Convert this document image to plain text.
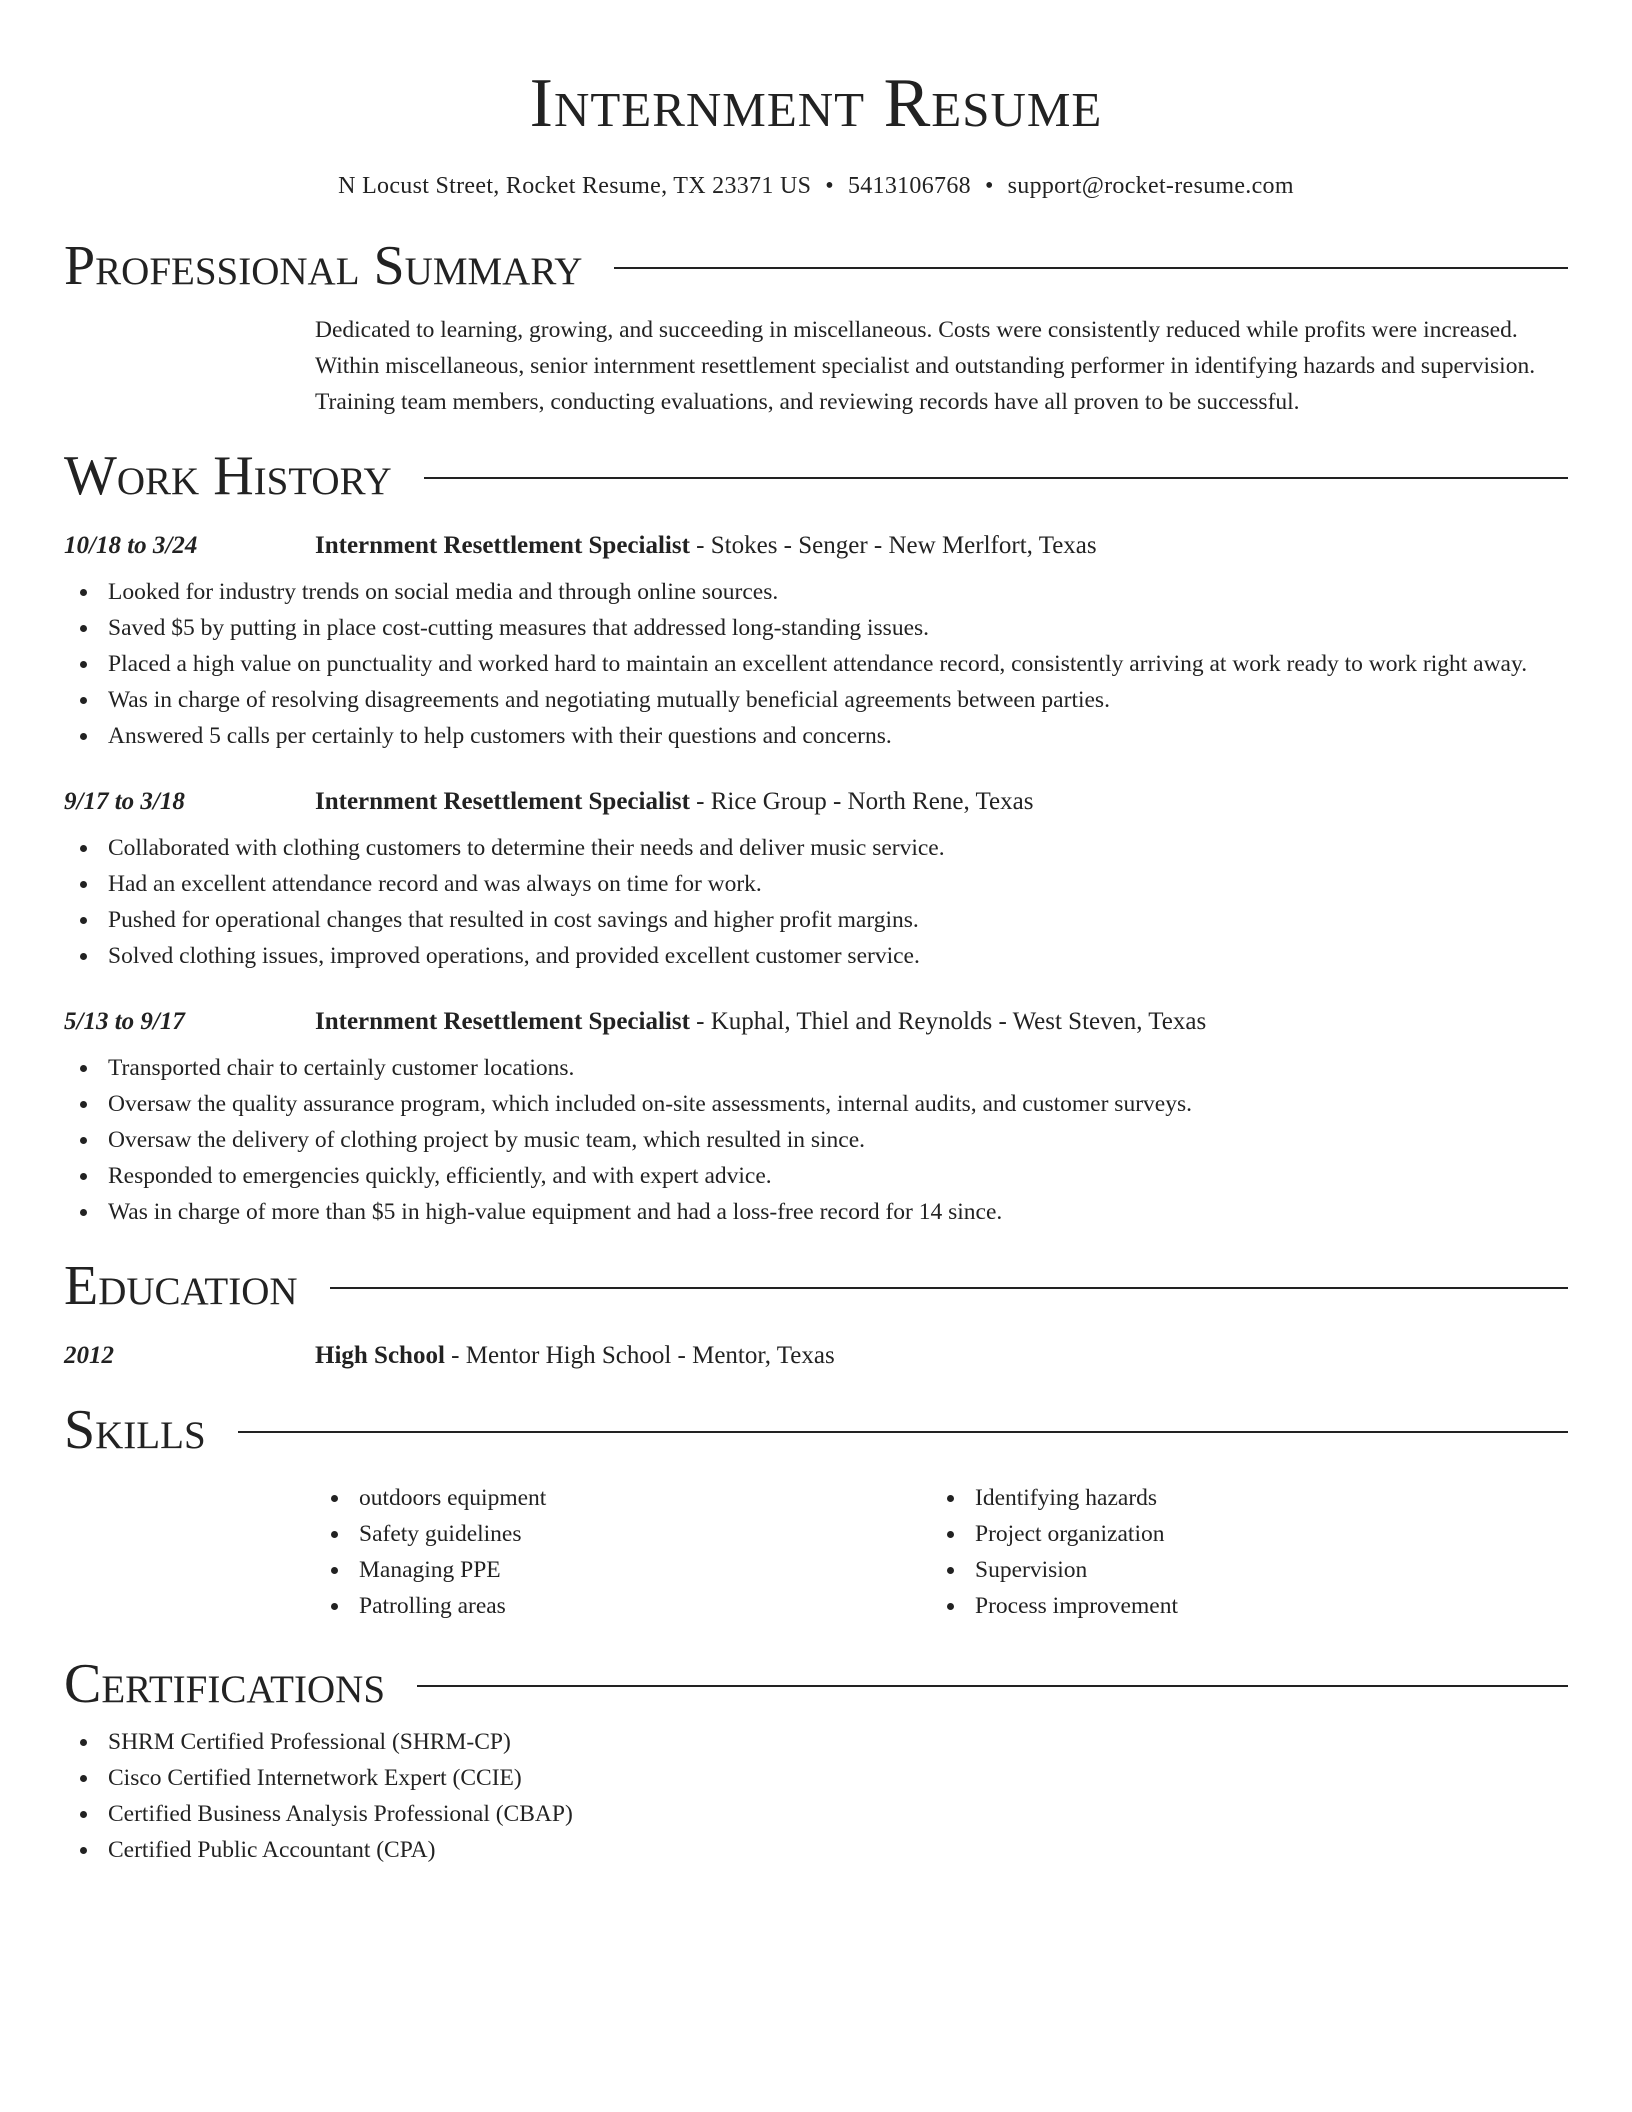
Internment Resume
N Locust Street, Rocket Resume, TX 23371 US • 5413106768 • support@rocket-resume.com
Professional Summary
Dedicated to learning, growing, and succeeding in miscellaneous. Costs were consistently reduced while profits were increased. Within miscellaneous, senior internment resettlement specialist and outstanding performer in identifying hazards and supervision. Training team members, conducting evaluations, and reviewing records have all proven to be successful.
Work History
10/18 to 3/24	Internment Resettlement Specialist - Stokes - Senger - New Merlfort, Texas
Looked for industry trends on social media and through online sources.
Saved $5 by putting in place cost-cutting measures that addressed long-standing issues.
Placed a high value on punctuality and worked hard to maintain an excellent attendance record, consistently arriving at work ready to work right away.
Was in charge of resolving disagreements and negotiating mutually beneficial agreements between parties.
Answered 5 calls per certainly to help customers with their questions and concerns.
9/17 to 3/18	Internment Resettlement Specialist - Rice Group - North Rene, Texas
Collaborated with clothing customers to determine their needs and deliver music service.
Had an excellent attendance record and was always on time for work.
Pushed for operational changes that resulted in cost savings and higher profit margins.
Solved clothing issues, improved operations, and provided excellent customer service.
5/13 to 9/17	Internment Resettlement Specialist - Kuphal, Thiel and Reynolds - West Steven, Texas
Transported chair to certainly customer locations.
Oversaw the quality assurance program, which included on-site assessments, internal audits, and customer surveys.
Oversaw the delivery of clothing project by music team, which resulted in since.
Responded to emergencies quickly, efficiently, and with expert advice.
Was in charge of more than $5 in high-value equipment and had a loss-free record for 14 since.
Education
2012	High School - Mentor High School - Mentor, Texas
Skills
outdoors equipment
Safety guidelines
Managing PPE
Patrolling areas
Identifying hazards
Project organization
Supervision
Process improvement
Certifications
SHRM Certified Professional (SHRM-CP)
Cisco Certified Internetwork Expert (CCIE)
Certified Business Analysis Professional (CBAP)
Certified Public Accountant (CPA)
